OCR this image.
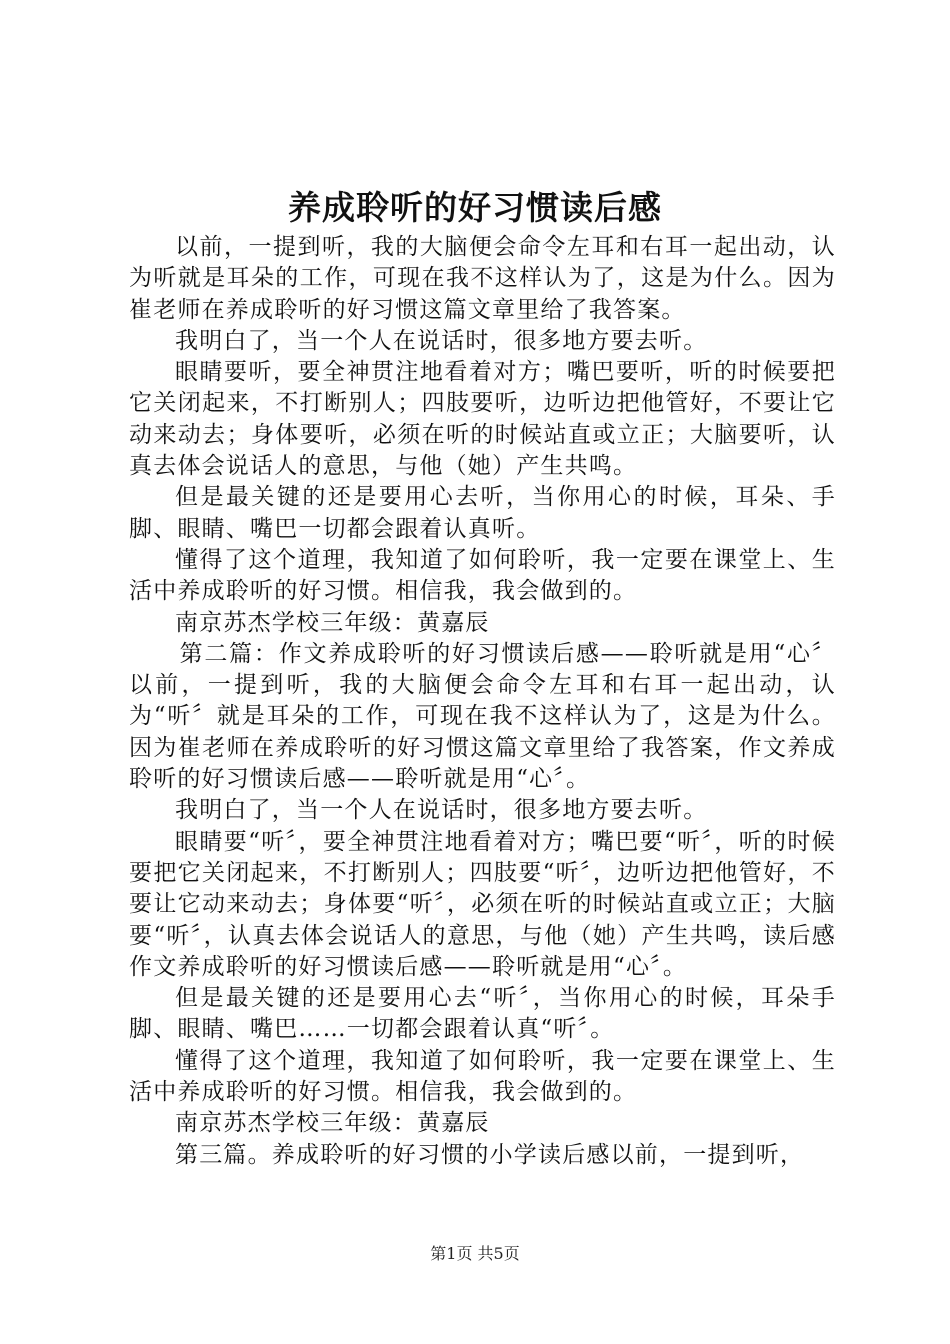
养成聆听的好习惯读后感

以前，一提到听，我的大脑便会命令左耳和右耳一起出动，认为听就是耳朵的工作，可现在我不这样认为了，这是为什么。因为崔老师在养成聆听的好习惯这篇文章里给了我答案。

我明白了，当一个人在说话时，很多地方要去听。

眼睛要听，要全神贯注地看着对方；嘴巴要听，听的时候要把它关闭起来，不打断别人；四肢要听，边听边把他管好，不要让它动来动去；身体要听，必须在听的时候站直或立正；大脑要听，认真去体会说话人的意思，与他（她）产生共鸣。

但是最关键的还是要用心去听，当你用心的时候，耳朵、手脚、眼睛、嘴巴一切都会跟着认真听。

懂得了这个道理，我知道了如何聆听，我一定要在课堂上、生活中养成聆听的好习惯。相信我，我会做到的。

南京苏杰学校三年级：黄嘉辰

第二篇：作文养成聆听的好习惯读后感——聆听就是用“心〞以前，一提到听，我的大脑便会命令左耳和右耳一起出动，认为“听〞就是耳朵的工作，可现在我不这样认为了，这是为什么。因为崔老师在养成聆听的好习惯这篇文章里给了我答案，作文养成聆听的好习惯读后感——聆听就是用“心〞。

我明白了，当一个人在说话时，很多地方要去听。

眼睛要“听〞，要全神贯注地看着对方；嘴巴要“听〞，听的时候要把它关闭起来，不打断别人；四肢要“听〞，边听边把他管好，不要让它动来动去；身体要“听〞，必须在听的时候站直或立正；大脑要“听〞，认真去体会说话人的意思，与他（她）产生共鸣，读后感作文养成聆听的好习惯读后感——聆听就是用“心〞。

但是最关键的还是要用心去“听〞，当你用心的时候，耳朵手脚、眼睛、嘴巴……一切都会跟着认真“听〞。

懂得了这个道理，我知道了如何聆听，我一定要在课堂上、生活中养成聆听的好习惯。相信我，我会做到的。

南京苏杰学校三年级：黄嘉辰

第三篇。养成聆听的好习惯的小学读后感以前，一提到听，

第1页 共5页
